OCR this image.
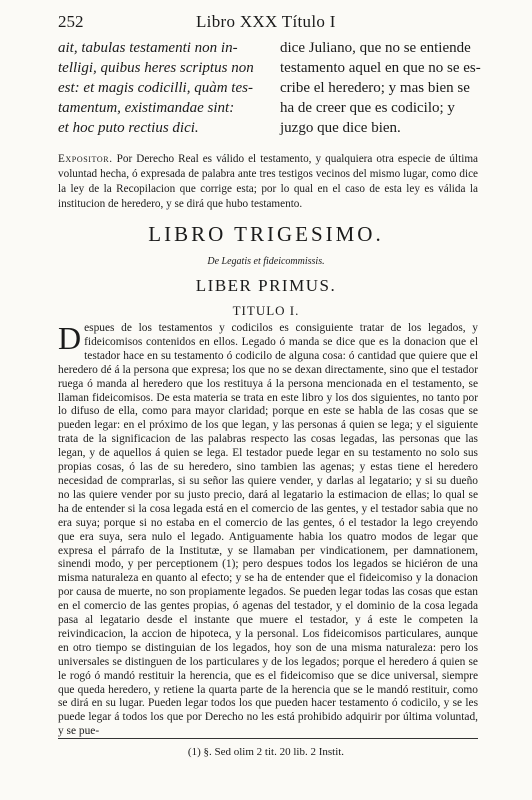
252	Libro XXX Título I
ait, tabulas testamenti non in-
telligi, quibus heres scriptus non
est: et magis codicilli, quàm tes-
tamentum, existimandae sint:
et hoc puto rectius dici.
dice Juliano, que no se entiende
testamento aquel en que no se es-
cribe el heredero; y mas bien se
ha de creer que es codicilo; y
juzgo que dice bien.
Expositor. Por Derecho Real es válido el testamento, y qualquiera otra especie de última voluntad hecha, ó expresada de palabra ante tres testigos vecinos del mismo lugar, como dice la ley de la Recopilacion que corrige esta; por lo qual en el caso de esta ley es válida la institucion de heredero, y se dirá que hubo testamento.
LIBRO TRIGESIMO.
De Legatis et fideicommissis.
LIBER PRIMUS.
TITULO I.
D espues de los testamentos y codicilos es consiguiente tratar de los legados, y fideicomisos contenidos en ellos. Legado ó manda se dice que es la donacion que el testador hace en su testamento ó codicilo de alguna cosa: ó cantidad que quiere que el heredero dé á la persona que expresa; los que no se dexan directamente, sino que el testador ruega ó manda al heredero que los restituya á la persona mencionada en el testamento, se llaman fideicomisos. De esta materia se trata en este libro y los dos siguientes, no tanto por lo difuso de ella, como para mayor claridad; porque en este se habla de las cosas que se pueden legar: en el próximo de los que legan, y las personas á quien se lega; y el siguiente trata de la significacion de las palabras respecto las cosas legadas, las personas que las legan, y de aquellos á quien se lega. El testador puede legar en su testamento no solo sus propias cosas, ó las de su heredero, sino tambien las agenas; y estas tiene el heredero necesidad de comprarlas, si su señor las quiere vender, y darlas al legatario; y si su dueño no las quiere vender por su justo precio, dará al legatario la estimacion de ellas; lo qual se ha de entender si la cosa legada está en el comercio de las gentes, y el testador sabia que no era suya; porque si no estaba en el comercio de las gentes, ó el testador la lego creyendo que era suya, sera nulo el legado. Antiguamente habia los quatro modos de legar que expresa el párrafo de la Institutæ, y se llamaban per vindicationem, per damnationem, sinendi modo, y per perceptionem (1); pero despues todos los legados se hiciéron de una misma naturaleza en quanto al efecto; y se ha de entender que el fideicomiso y la donacion por causa de muerte, no son propiamente legados. Se pueden legar todas las cosas que estan en el comercio de las gentes propias, ó agenas del testador, y el dominio de la cosa legada pasa al legatario desde el instante que muere el testador, y á este le competen la reivindicacion, la accion de hipoteca, y la personal. Los fideicomisos particulares, aunque en otro tiempo se distinguian de los legados, hoy son de una misma naturaleza: pero los universales se distinguen de los particulares y de los legados; porque el heredero á quien se le rogó ó mandó restituir la herencia, que es el fideicomiso que se dice universal, siempre que queda heredero, y retiene la quarta parte de la herencia que se le mandó restituir, como se dirá en su lugar. Pueden legar todos los que pueden hacer testamento ó codicilo, y se les puede legar á todos los que por Derecho no les está prohibido adquirir por última voluntad, y se pue-
(1) §. Sed olim 2 tit. 20 lib. 2 Instit.
